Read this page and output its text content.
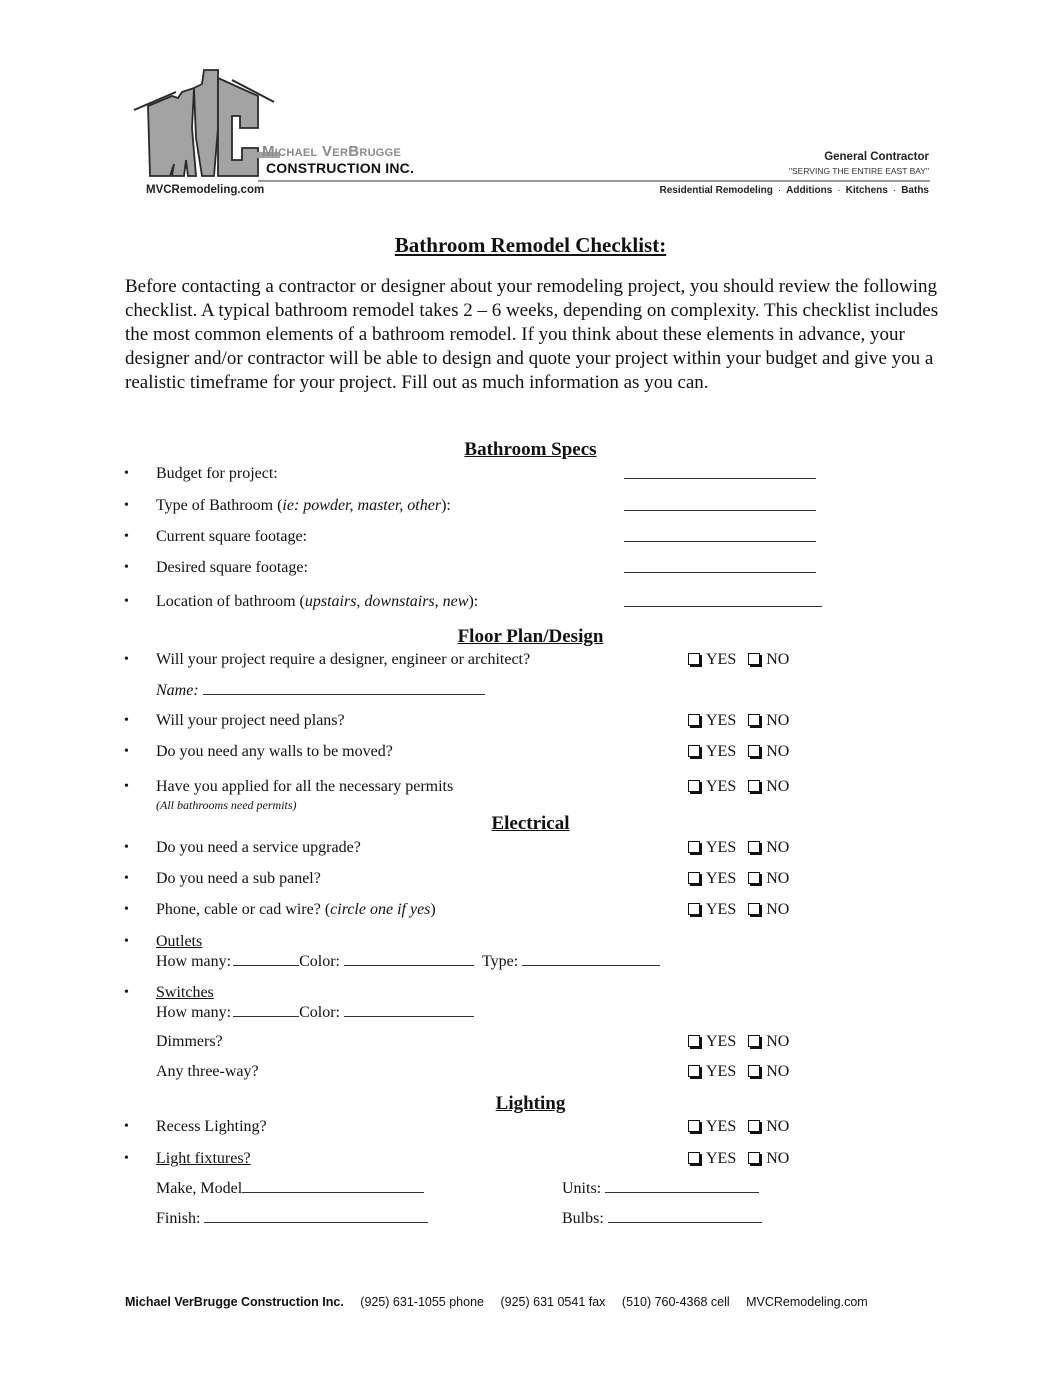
Michael VerBrugge
CONSTRUCTION INC.
MVCRemodeling.com
General Contractor
"SERVING THE ENTIRE EAST BAY"
Residential Remodeling · Additions · Kitchens · Baths
Bathroom Remodel Checklist:
Before contacting a contractor or designer about your remodeling project, you should review the following checklist. A typical bathroom remodel takes 2 – 6 weeks, depending on complexity. This checklist includes the most common elements of a bathroom remodel. If you think about these elements in advance, your designer and/or contractor will be able to design and quote your project within your budget and give you a realistic timeframe for your project. Fill out as much information as you can.
Bathroom Specs
• Budget for project:
• Type of Bathroom (ie: powder, master, other):
• Current square footage:
• Desired square footage:
• Location of bathroom (upstairs, downstairs, new):
Floor Plan/Design
• Will your project require a designer, engineer or architect?	YES NO
Name:
• Will your project need plans?	YES NO
• Do you need any walls to be moved?	YES NO
• Have you applied for all the necessary permits
(All bathrooms need permits)
YES NO
Electrical
• Do you need a service upgrade?	YES NO
• Do you need a sub panel?	YES NO
• Phone, cable or cad wire? (circle one if yes)	YES NO
• Outlets
How many:	Color:	Type:
• Switches
How many:	Color:
Dimmers?	YES NO
Any three-way?	YES NO
Lighting
• Recess Lighting?	YES NO
• Light fixtures?	YES NO
Make, Model	Units:
Finish:	Bulbs:
Michael VerBrugge Construction Inc. (925) 631-1055 phone (925) 631 0541 fax (510) 760-4368 cell MVCRemodeling.com
